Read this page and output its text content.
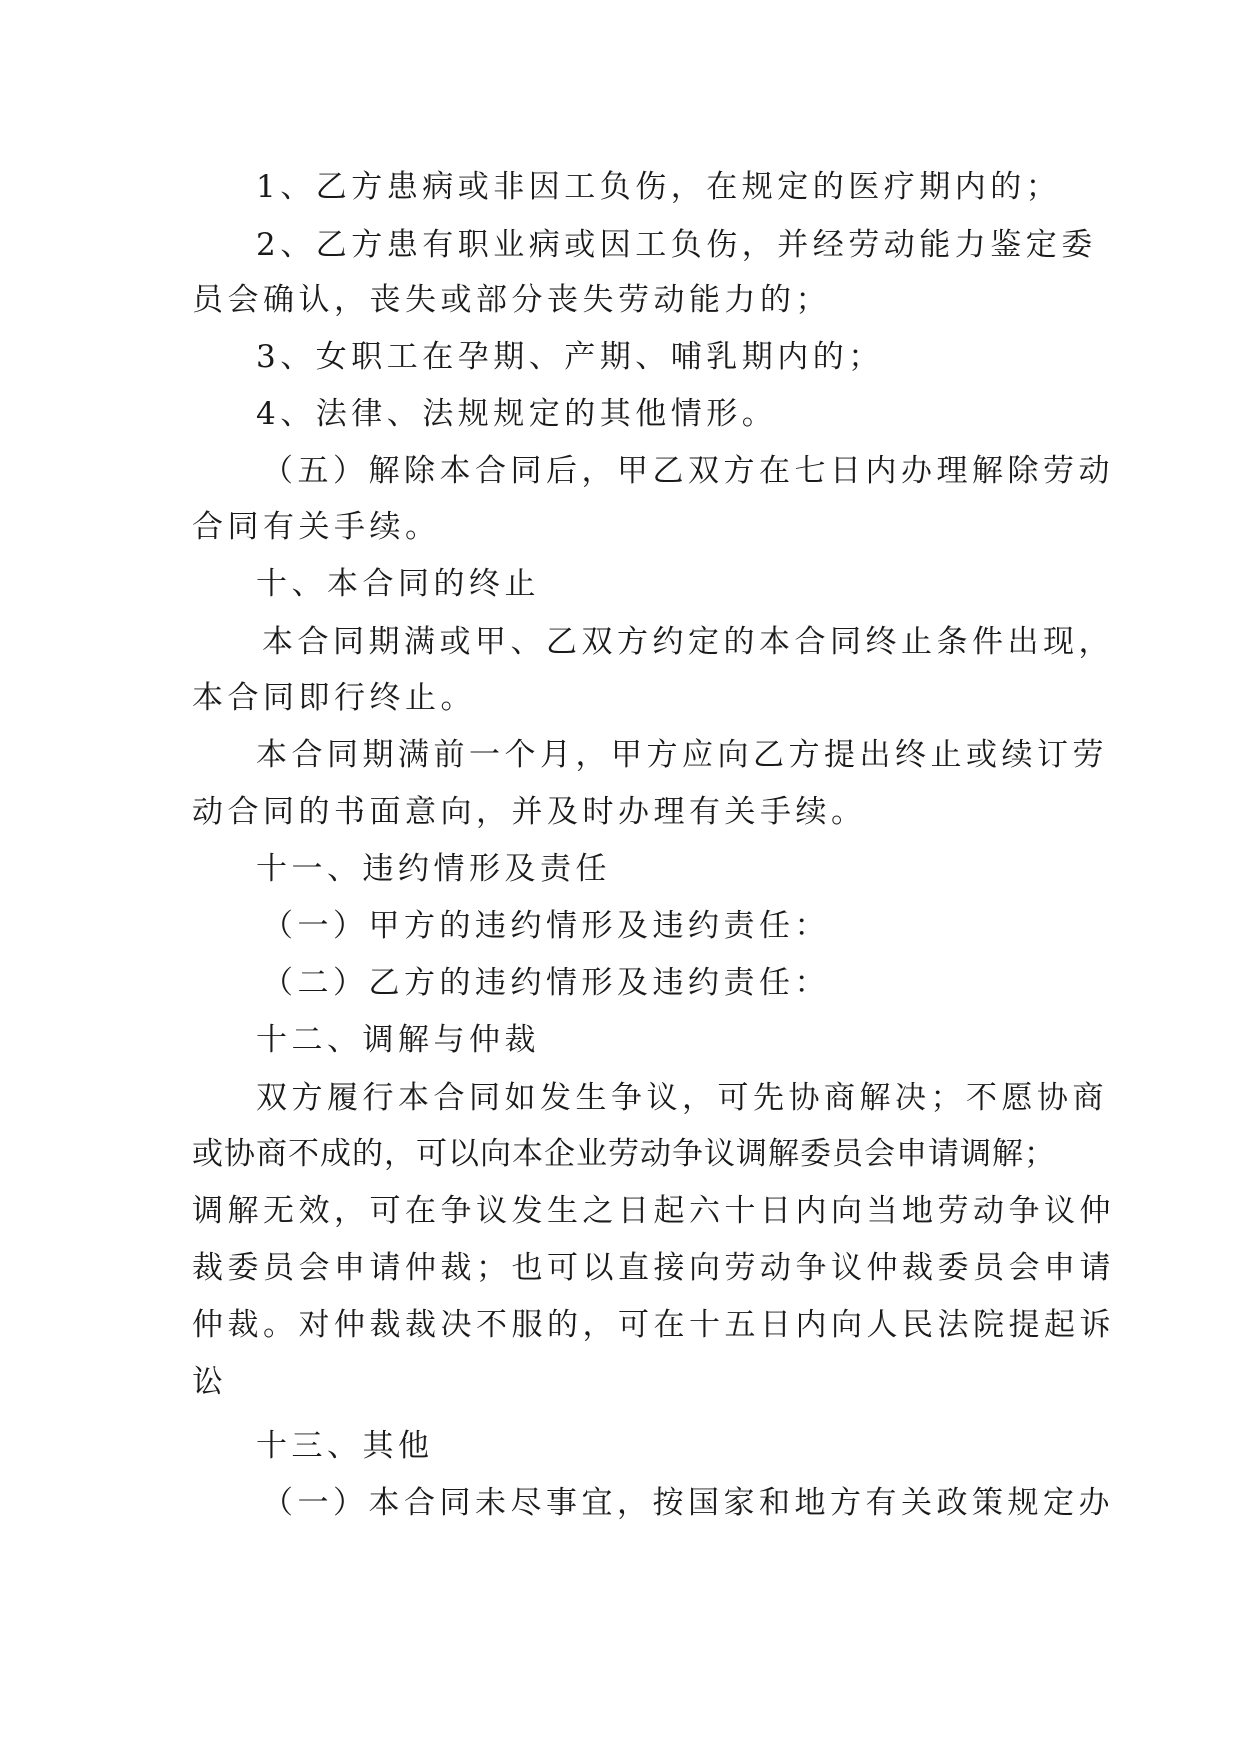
1、乙方患病或非因工负伤，在规定的医疗期内的；
2、乙方患有职业病或因工负伤，并经劳动能力鉴定委
员会确认，丧失或部分丧失劳动能力的；
3、女职工在孕期、产期、哺乳期内的；
4、法律、法规规定的其他情形。
（五）解除本合同后，甲乙双方在七日内办理解除劳动
合同有关手续。
十、本合同的终止
本合同期满或甲、乙双方约定的本合同终止条件出现，
本合同即行终止。
本合同期满前一个月，甲方应向乙方提出终止或续订劳
动合同的书面意向，并及时办理有关手续。
十一、违约情形及责任
（一）甲方的违约情形及违约责任：
（二）乙方的违约情形及违约责任：
十二、调解与仲裁
双方履行本合同如发生争议，可先协商解决；不愿协商
或协商不成的，可以向本企业劳动争议调解委员会申请调解；
调解无效，可在争议发生之日起六十日内向当地劳动争议仲
裁委员会申请仲裁；也可以直接向劳动争议仲裁委员会申请
仲裁。对仲裁裁决不服的，可在十五日内向人民法院提起诉
讼
十三、其他
（一）本合同未尽事宜，按国家和地方有关政策规定办
